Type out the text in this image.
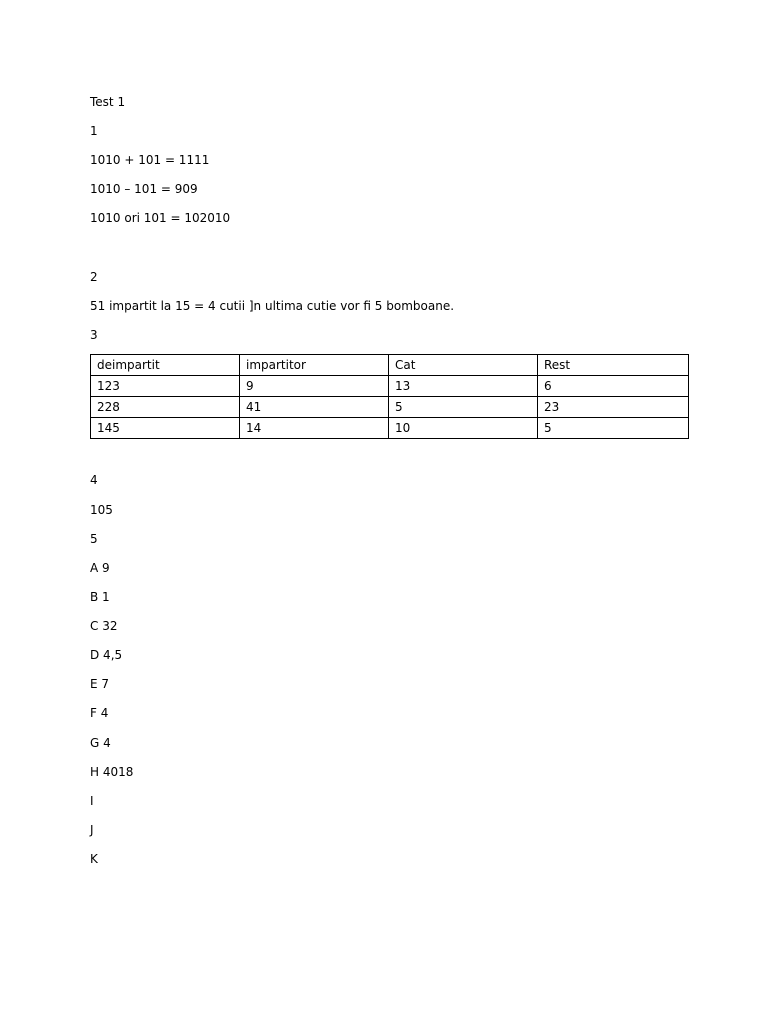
Test 1
1
1010 + 101 = 1111
1010 – 101 = 909
1010 ori 101 = 102010
2
51 impartit la 15 = 4 cutii ]n ultima cutie vor fi 5 bomboane.
3
deimpartit	impartitor	Cat	Rest
123	9	13	6
228	41	5	23
145	14	10	5
4
105
5
A 9
B 1
C 32
D 4,5
E 7
F 4
G 4
H 4018
I
J
K
